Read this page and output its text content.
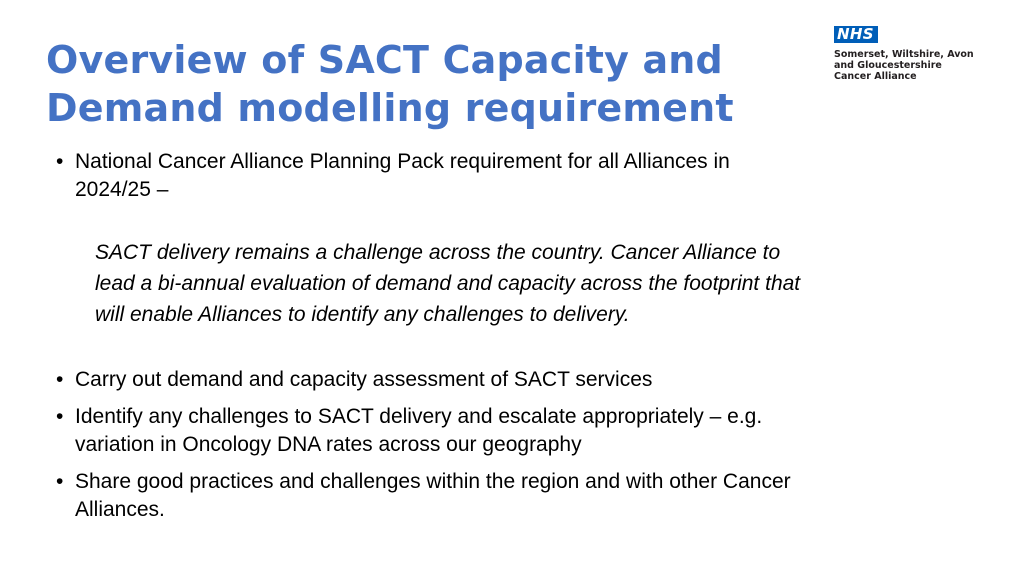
Overview of SACT Capacity and
Demand modelling requirement
NHS
Somerset, Wiltshire, Avon
and Gloucestershire
Cancer Alliance
• National Cancer Alliance Planning Pack requirement for all Alliances in
2024/25 –
SACT delivery remains a challenge across the country. Cancer Alliance to
lead a bi-annual evaluation of demand and capacity across the footprint that
will enable Alliances to identify any challenges to delivery.
• Carry out demand and capacity assessment of SACT services
• Identify any challenges to SACT delivery and escalate appropriately – e.g.
variation in Oncology DNA rates across our geography
• Share good practices and challenges within the region and with other Cancer
Alliances.
